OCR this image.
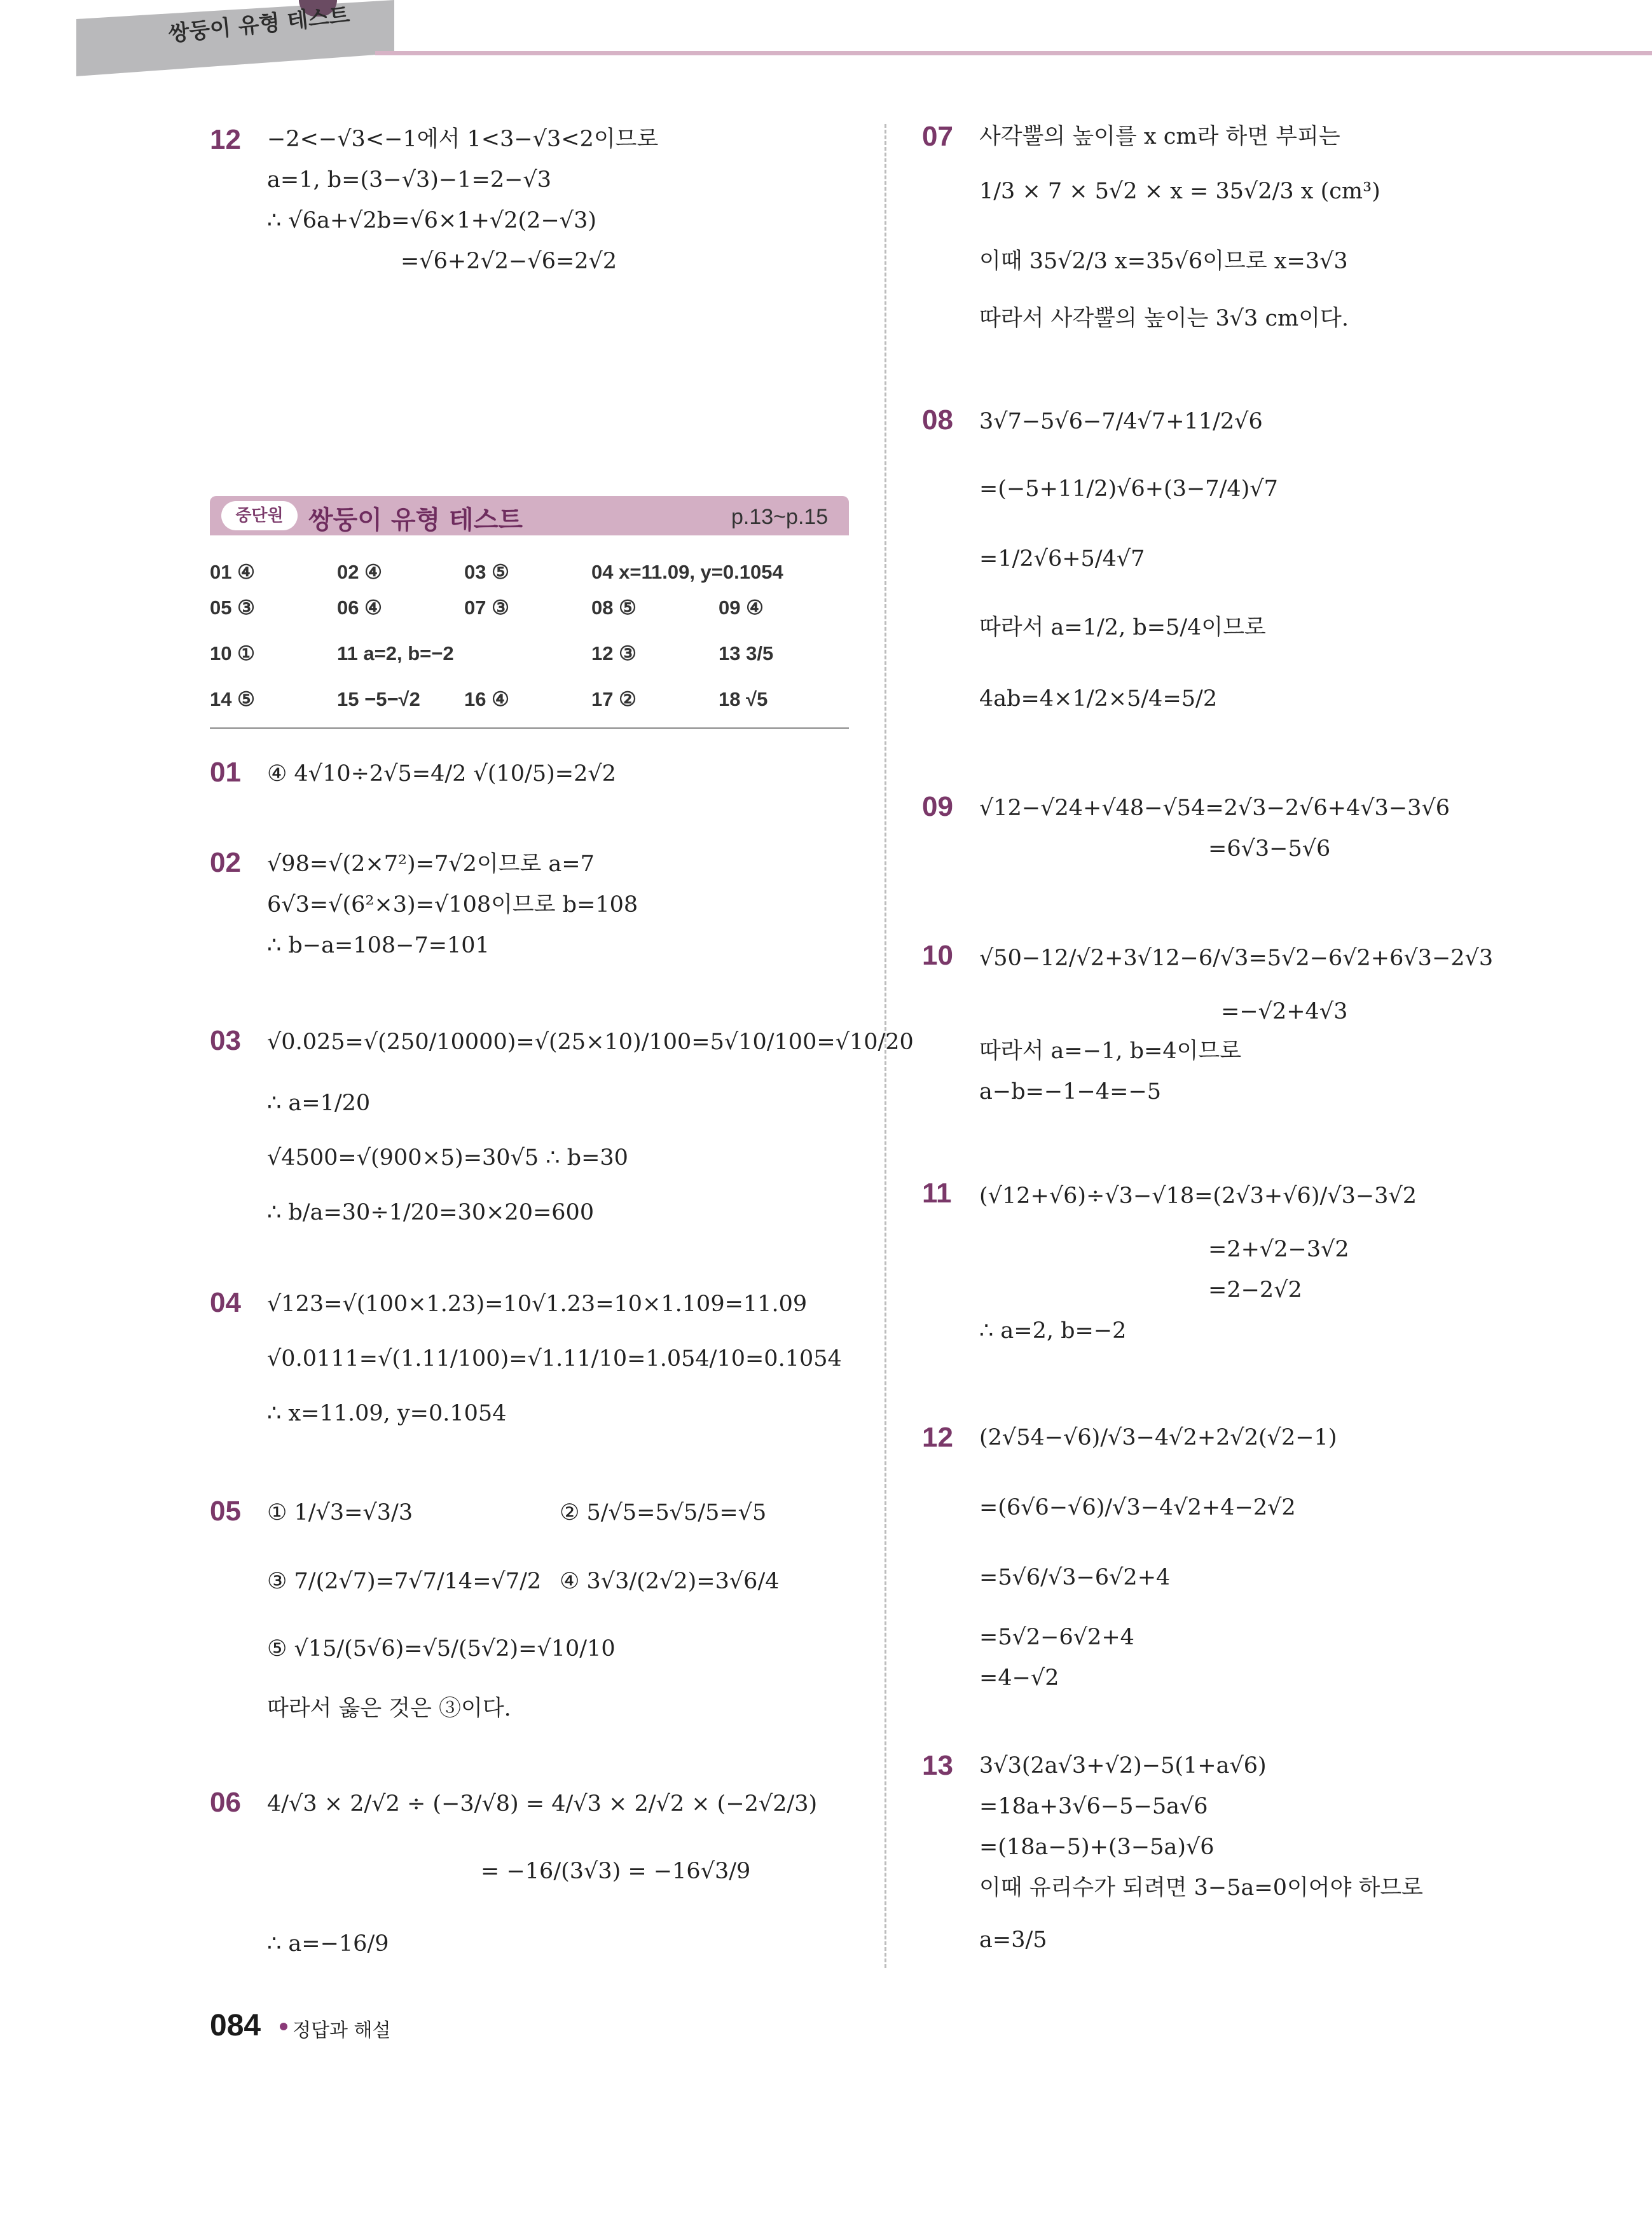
쌍둥이 유형 테스트
12 −2<−√3<−1에서 1<3−√3<2이므로
a=1, b=(3−√3)−1=2−√3
∴ √6a+√2b=√6×1+√2(2−√3)
=√6+2√2−√6=2√2
중단원 쌍둥이 유형 테스트	p.13~p.15
01 ④	02 ④	03 ⑤	04 x=11.09, y=0.1054
05 ③	06 ④	07 ③	08 ⑤	09 ④
10 ①	11 a=2, b=−2	12 ③	13 3/5
14 ⑤	15 −5−√2 16 ④	17 ②	18 √5
01 ④ 4√10÷2√5=4/2 √(10/5)=2√2
02 √98=√(2×7²)=7√2이므로 a=7
6√3=√(6²×3)=√108이므로 b=108
∴ b−a=108−7=101
03 √0.025=√(250/10000)=√(25×10)/100=5√10/100=√10/20
∴ a=1/20
√4500=√(900×5)=30√5 ∴ b=30
∴ b/a=30÷1/20=30×20=600
04 √123=√(100×1.23)=10√1.23=10×1.109=11.09
√0.0111=√(1.11/100)=√1.11/10=1.054/10=0.1054
∴ x=11.09, y=0.1054
05 ① 1/√3=√3/3	② 5/√5=5√5/5=√5
③ 7/(2√7)=7√7/14=√7/2 ④ 3√3/(2√2)=3√6/4
⑤ √15/(5√6)=√5/(5√2)=√10/10
따라서 옳은 것은 ③이다.
06 4/√3 × 2/√2 ÷ (−3/√8) = 4/√3 × 2/√2 × (−2√2/3)
= −16/(3√3) = −16√3/9
∴ a=−16/9
07 사각뿔의 높이를 x cm라 하면 부피는
1/3 × 7 × 5√2 × x = 35√2/3 x (cm³)
이때 35√2/3 x=35√6이므로 x=3√3
따라서 사각뿔의 높이는 3√3 cm이다.
08 3√7−5√6−7/4√7+11/2√6
=(−5+11/2)√6+(3−7/4)√7
=1/2√6+5/4√7
따라서 a=1/2, b=5/4이므로
4ab=4×1/2×5/4=5/2
09 √12−√24+√48−√54=2√3−2√6+4√3−3√6
=6√3−5√6
10 √50−12/√2+3√12−6/√3=5√2−6√2+6√3−2√3
=−√2+4√3
따라서 a=−1, b=4이므로
a−b=−1−4=−5
11 (√12+√6)÷√3−√18=(2√3+√6)/√3−3√2
=2+√2−3√2
=2−2√2
∴ a=2, b=−2
12 (2√54−√6)/√3−4√2+2√2(√2−1)
=(6√6−√6)/√3−4√2+4−2√2
=5√6/√3−6√2+4
=5√2−6√2+4
=4−√2
13 3√3(2a√3+√2)−5(1+a√6)
=18a+3√6−5−5a√6
=(18a−5)+(3−5a)√6
이때 유리수가 되려면 3−5a=0이어야 하므로
a=3/5
084 정답과 해설
